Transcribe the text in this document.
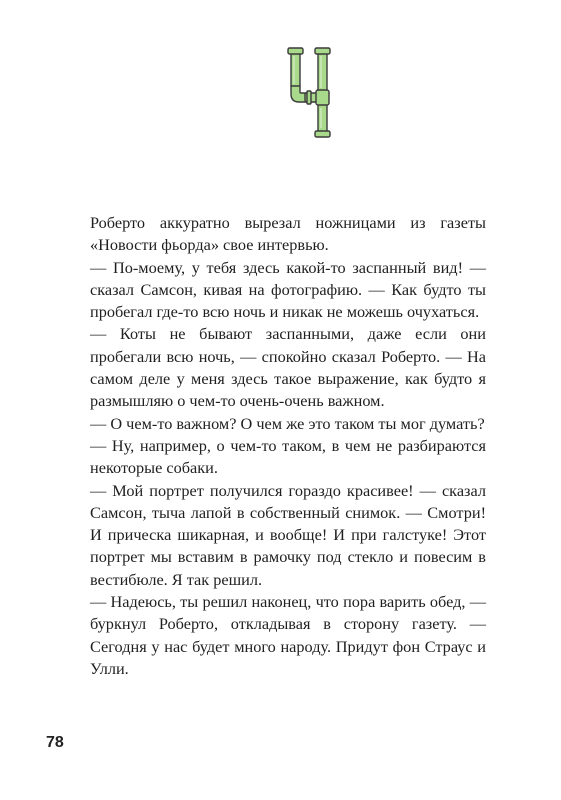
Роберто аккуратно вырезал ножницами из газеты «Новости фьорда» свое интервью.

— По-моему, у тебя здесь какой-то заспанный вид! — сказал Самсон, кивая на фотографию. — Как будто ты пробегал где-то всю ночь и никак не можешь очухаться.

— Коты не бывают заспанными, даже если они пробегали всю ночь, — спокойно сказал Роберто. — На самом деле у меня здесь такое выражение, как будто я размышляю о чем-то очень-очень важном.

— О чем-то важном? О чем же это таком ты мог думать?

— Ну, например, о чем-то таком, в чем не разбираются некоторые собаки.

— Мой портрет получился гораздо красивее! — сказал Самсон, тыча лапой в собственный снимок. — Смотри! И прическа шикарная, и вообще! И при галстуке! Этот портрет мы вставим в рамочку под стекло и повесим в вестибюле. Я так решил.

— Надеюсь, ты решил наконец, что пора варить обед, — буркнул Роберто, откладывая в сторону газету. — Сегодня у нас будет много народу. Придут фон Страус и Улли.

78
